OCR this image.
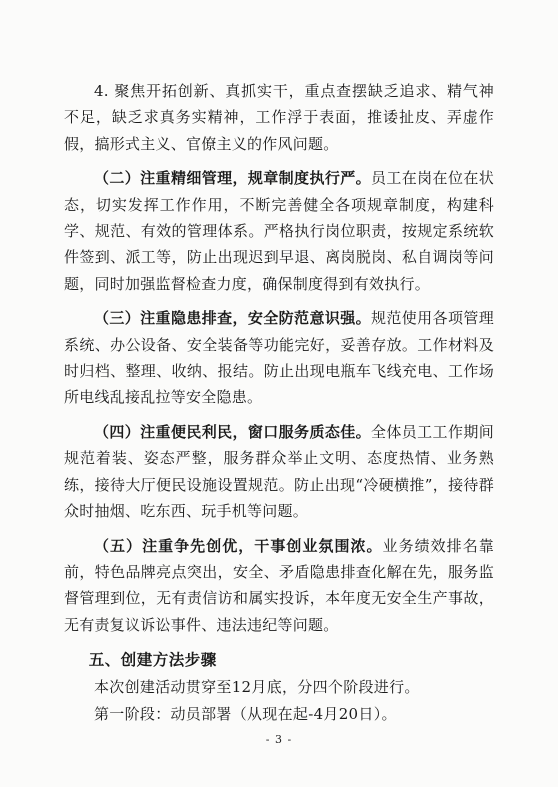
4. 聚焦开拓创新、真抓实干，重点查摆缺乏追求、精气神不足，缺乏求真务实精神，工作浮于表面，推诿扯皮、弄虚作假，搞形式主义、官僚主义的作风问题。

（二）注重精细管理，规章制度执行严。员工在岗在位在状态，切实发挥工作作用，不断完善健全各项规章制度，构建科学、规范、有效的管理体系。严格执行岗位职责，按规定系统软件签到、派工等，防止出现迟到早退、离岗脱岗、私自调岗等问题，同时加强监督检查力度，确保制度得到有效执行。

（三）注重隐患排查，安全防范意识强。规范使用各项管理系统、办公设备、安全装备等功能完好，妥善存放。工作材料及时归档、整理、收纳、报结。防止出现电瓶车飞线充电、工作场所电线乱接乱拉等安全隐患。

（四）注重便民利民，窗口服务质态佳。全体员工工作期间规范着装、姿态严整，服务群众举止文明、态度热情、业务熟练，接待大厅便民设施设置规范。防止出现“冷硬横推”，接待群众时抽烟、吃东西、玩手机等问题。

（五）注重争先创优，干事创业氛围浓。业务绩效排名靠前，特色品牌亮点突出，安全、矛盾隐患排查化解在先，服务监督管理到位，无有责信访和属实投诉，本年度无安全生产事故，无有责复议诉讼事件、违法违纪等问题。

五、创建方法步骤

本次创建活动贯穿至12月底，分四个阶段进行。

第一阶段：动员部署（从现在起-4月20日）。

- 3 -
